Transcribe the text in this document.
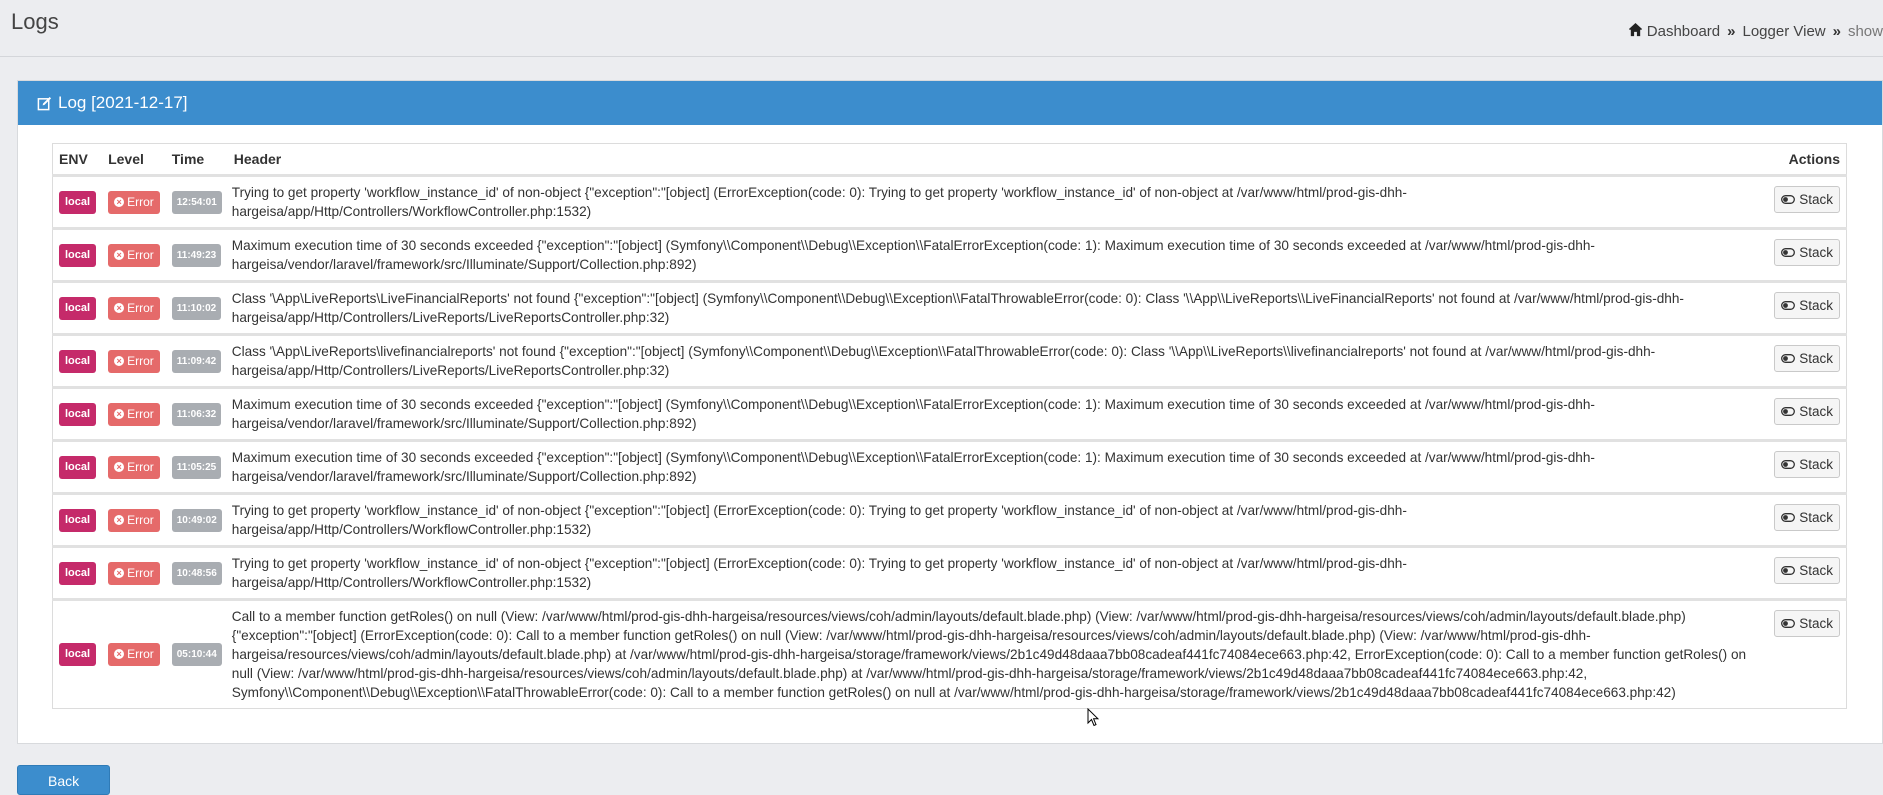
Logs	Dashboard » Logger View » show
Log [2021-12-17]
ENV	Level	Time	Header	Actions
local	× Error	12:54:01	Trying to get property 'workflow_instance_id' of non-object {"exception":"[object] (ErrorException(code: 0): Trying to get property 'workflow_instance_id' of non-object at /var/www/html/prod-gis-dhh-hargeisa/app/Http/Controllers/WorkflowController.php:1532)	Stack

local	× Error	11:49:23	Maximum execution time of 30 seconds exceeded {"exception":"[object] (Symfony\\Component\\Debug\\Exception\\FatalErrorException(code: 1): Maximum execution time of 30 seconds exceeded at /var/www/html/prod-gis-dhh-hargeisa/vendor/laravel/framework/src/Illuminate/Support/Collection.php:892)	Stack

local	× Error	11:10:02	Class '\App\LiveReports\LiveFinancialReports' not found {"exception":"[object] (Symfony\\Component\\Debug\\Exception\\FatalThrowableError(code: 0): Class '\\App\\LiveReports\\LiveFinancialReports' not found at /var/www/html/prod-gis-dhh-hargeisa/app/Http/Controllers/LiveReports/LiveReportsController.php:32)	Stack

local	× Error	11:09:42	Class '\App\LiveReports\livefinancialreports' not found {"exception":"[object] (Symfony\\Component\\Debug\\Exception\\FatalThrowableError(code: 0): Class '\\App\\LiveReports\\livefinancialreports' not found at /var/www/html/prod-gis-dhh-hargeisa/app/Http/Controllers/LiveReports/LiveReportsController.php:32)	Stack

local	× Error	11:06:32	Maximum execution time of 30 seconds exceeded {"exception":"[object] (Symfony\\Component\\Debug\\Exception\\FatalErrorException(code: 1): Maximum execution time of 30 seconds exceeded at /var/www/html/prod-gis-dhh-hargeisa/vendor/laravel/framework/src/Illuminate/Support/Collection.php:892)	Stack

local	× Error	11:05:25	Maximum execution time of 30 seconds exceeded {"exception":"[object] (Symfony\\Component\\Debug\\Exception\\FatalErrorException(code: 1): Maximum execution time of 30 seconds exceeded at /var/www/html/prod-gis-dhh-hargeisa/vendor/laravel/framework/src/Illuminate/Support/Collection.php:892)	Stack

local	× Error	10:49:02	Trying to get property 'workflow_instance_id' of non-object {"exception":"[object] (ErrorException(code: 0): Trying to get property 'workflow_instance_id' of non-object at /var/www/html/prod-gis-dhh-hargeisa/app/Http/Controllers/WorkflowController.php:1532)	Stack

local	× Error	10:48:56	Trying to get property 'workflow_instance_id' of non-object {"exception":"[object] (ErrorException(code: 0): Trying to get property 'workflow_instance_id' of non-object at /var/www/html/prod-gis-dhh-hargeisa/app/Http/Controllers/WorkflowController.php:1532)	Stack

local	× Error	05:10:44	Call to a member function getRoles() on null (View: /var/www/html/prod-gis-dhh-hargeisa/resources/views/coh/admin/layouts/default.blade.php) (View: /var/www/html/prod-gis-dhh-hargeisa/resources/views/coh/admin/layouts/default.blade.php) {"exception":"[object] (ErrorException(code: 0): Call to a member function getRoles() on null (View: /var/www/html/prod-gis-dhh-hargeisa/resources/views/coh/admin/layouts/default.blade.php) (View: /var/www/html/prod-gis-dhh-hargeisa/resources/views/coh/admin/layouts/default.blade.php) at /var/www/html/prod-gis-dhh-hargeisa/storage/framework/views/2b1c49d48daaa7bb08cadeaf441fc74084ece663.php:42, ErrorException(code: 0): Call to a member function getRoles() on null (View: /var/www/html/prod-gis-dhh-hargeisa/resources/views/coh/admin/layouts/default.blade.php) at /var/www/html/prod-gis-dhh-hargeisa/storage/framework/views/2b1c49d48daaa7bb08cadeaf441fc74084ece663.php:42, Symfony\\Component\\Debug\\Exception\\FatalThrowableError(code: 0): Call to a member function getRoles() on null at /var/www/html/prod-gis-dhh-hargeisa/storage/framework/views/2b1c49d48daaa7bb08cadeaf441fc74084ece663.php:42)	Stack
Back
